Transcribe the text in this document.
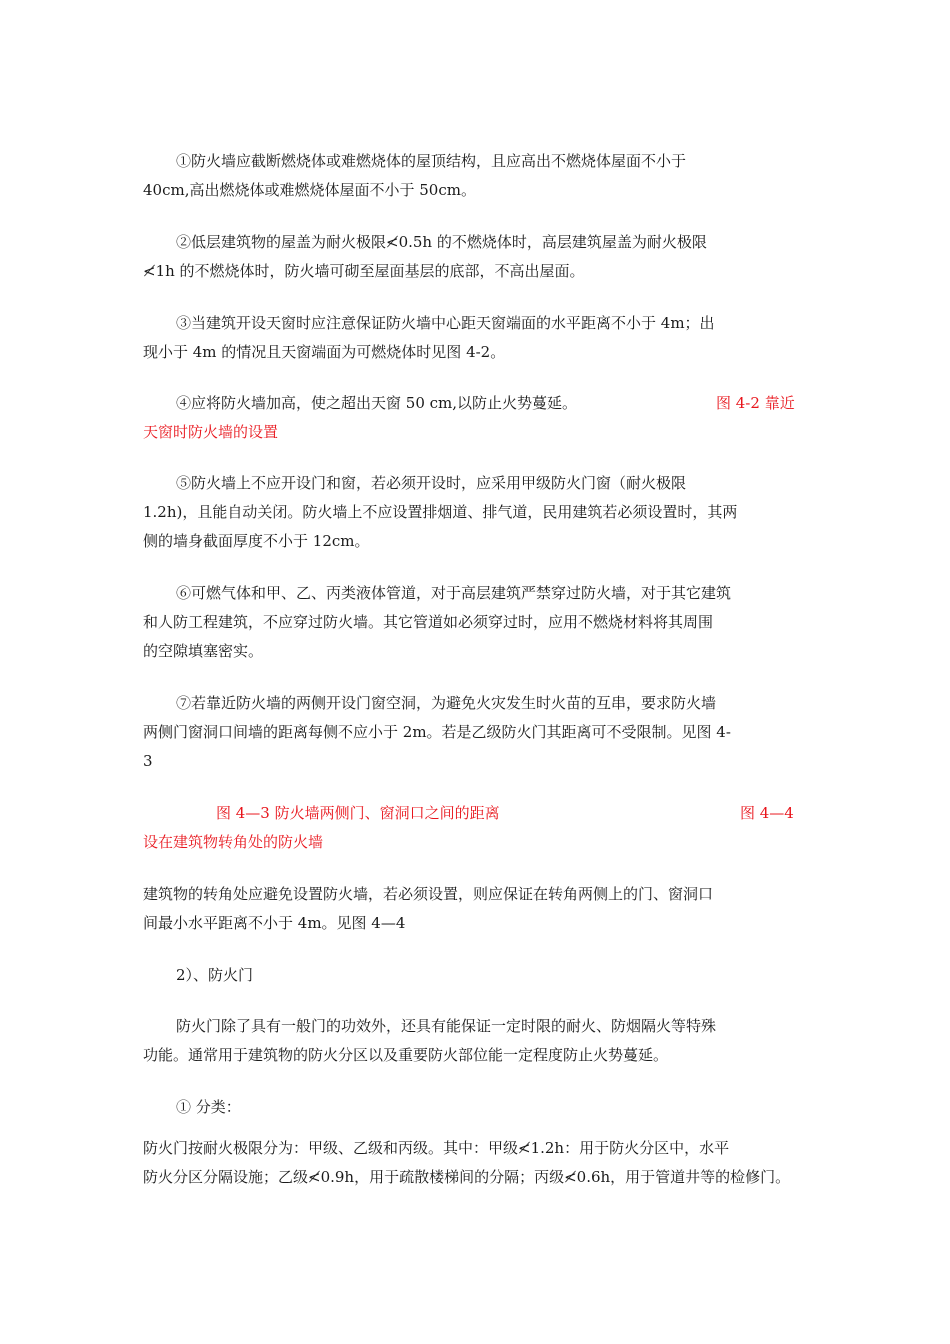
①防火墙应截断燃烧体或难燃烧体的屋顶结构，且应高出不燃烧体屋面不小于
40cm,高出燃烧体或难燃烧体屋面不小于 50cm。
②低层建筑物的屋盖为耐火极限≮0.5h 的不燃烧体时，高层建筑屋盖为耐火极限
≮1h 的不燃烧体时，防火墙可砌至屋面基层的底部，不高出屋面。
③当建筑开设天窗时应注意保证防火墙中心距天窗端面的水平距离不小于 4m；出
现小于 4m 的情况且天窗端面为可燃烧体时见图 4-2。
④应将防火墙加高，使之超出天窗 50 cm,以防止火势蔓延。	图 4-2 靠近
天窗时防火墙的设置
⑤防火墙上不应开设门和窗，若必须开设时，应采用甲级防火门窗（耐火极限
1.2h)，且能自动关闭。防火墙上不应设置排烟道、排气道，民用建筑若必须设置时，其两
侧的墙身截面厚度不小于 12cm。
⑥可燃气体和甲、乙、丙类液体管道，对于高层建筑严禁穿过防火墙，对于其它建筑
和人防工程建筑，不应穿过防火墙。其它管道如必须穿过时，应用不燃烧材料将其周围
的空隙填塞密实。
⑦若靠近防火墙的两侧开设门窗空洞，为避免火灾发生时火苗的互串，要求防火墙
两侧门窗洞口间墙的距离每侧不应小于 2m。若是乙级防火门其距离可不受限制。见图 4-
3
图 4—3 防火墙两侧门、窗洞口之间的距离	图 4—4
设在建筑物转角处的防火墙
建筑物的转角处应避免设置防火墙，若必须设置，则应保证在转角两侧上的门、窗洞口
间最小水平距离不小于 4m。见图 4—4
2）、防火门
防火门除了具有一般门的功效外，还具有能保证一定时限的耐火、防烟隔火等特殊
功能。通常用于建筑物的防火分区以及重要防火部位能一定程度防止火势蔓延。
① 分类：
防火门按耐火极限分为：甲级、乙级和丙级。其中：甲级≮1.2h：用于防火分区中，水平
防火分区分隔设施；乙级≮0.9h，用于疏散楼梯间的分隔；丙级≮0.6h，用于管道井等的检修门。
